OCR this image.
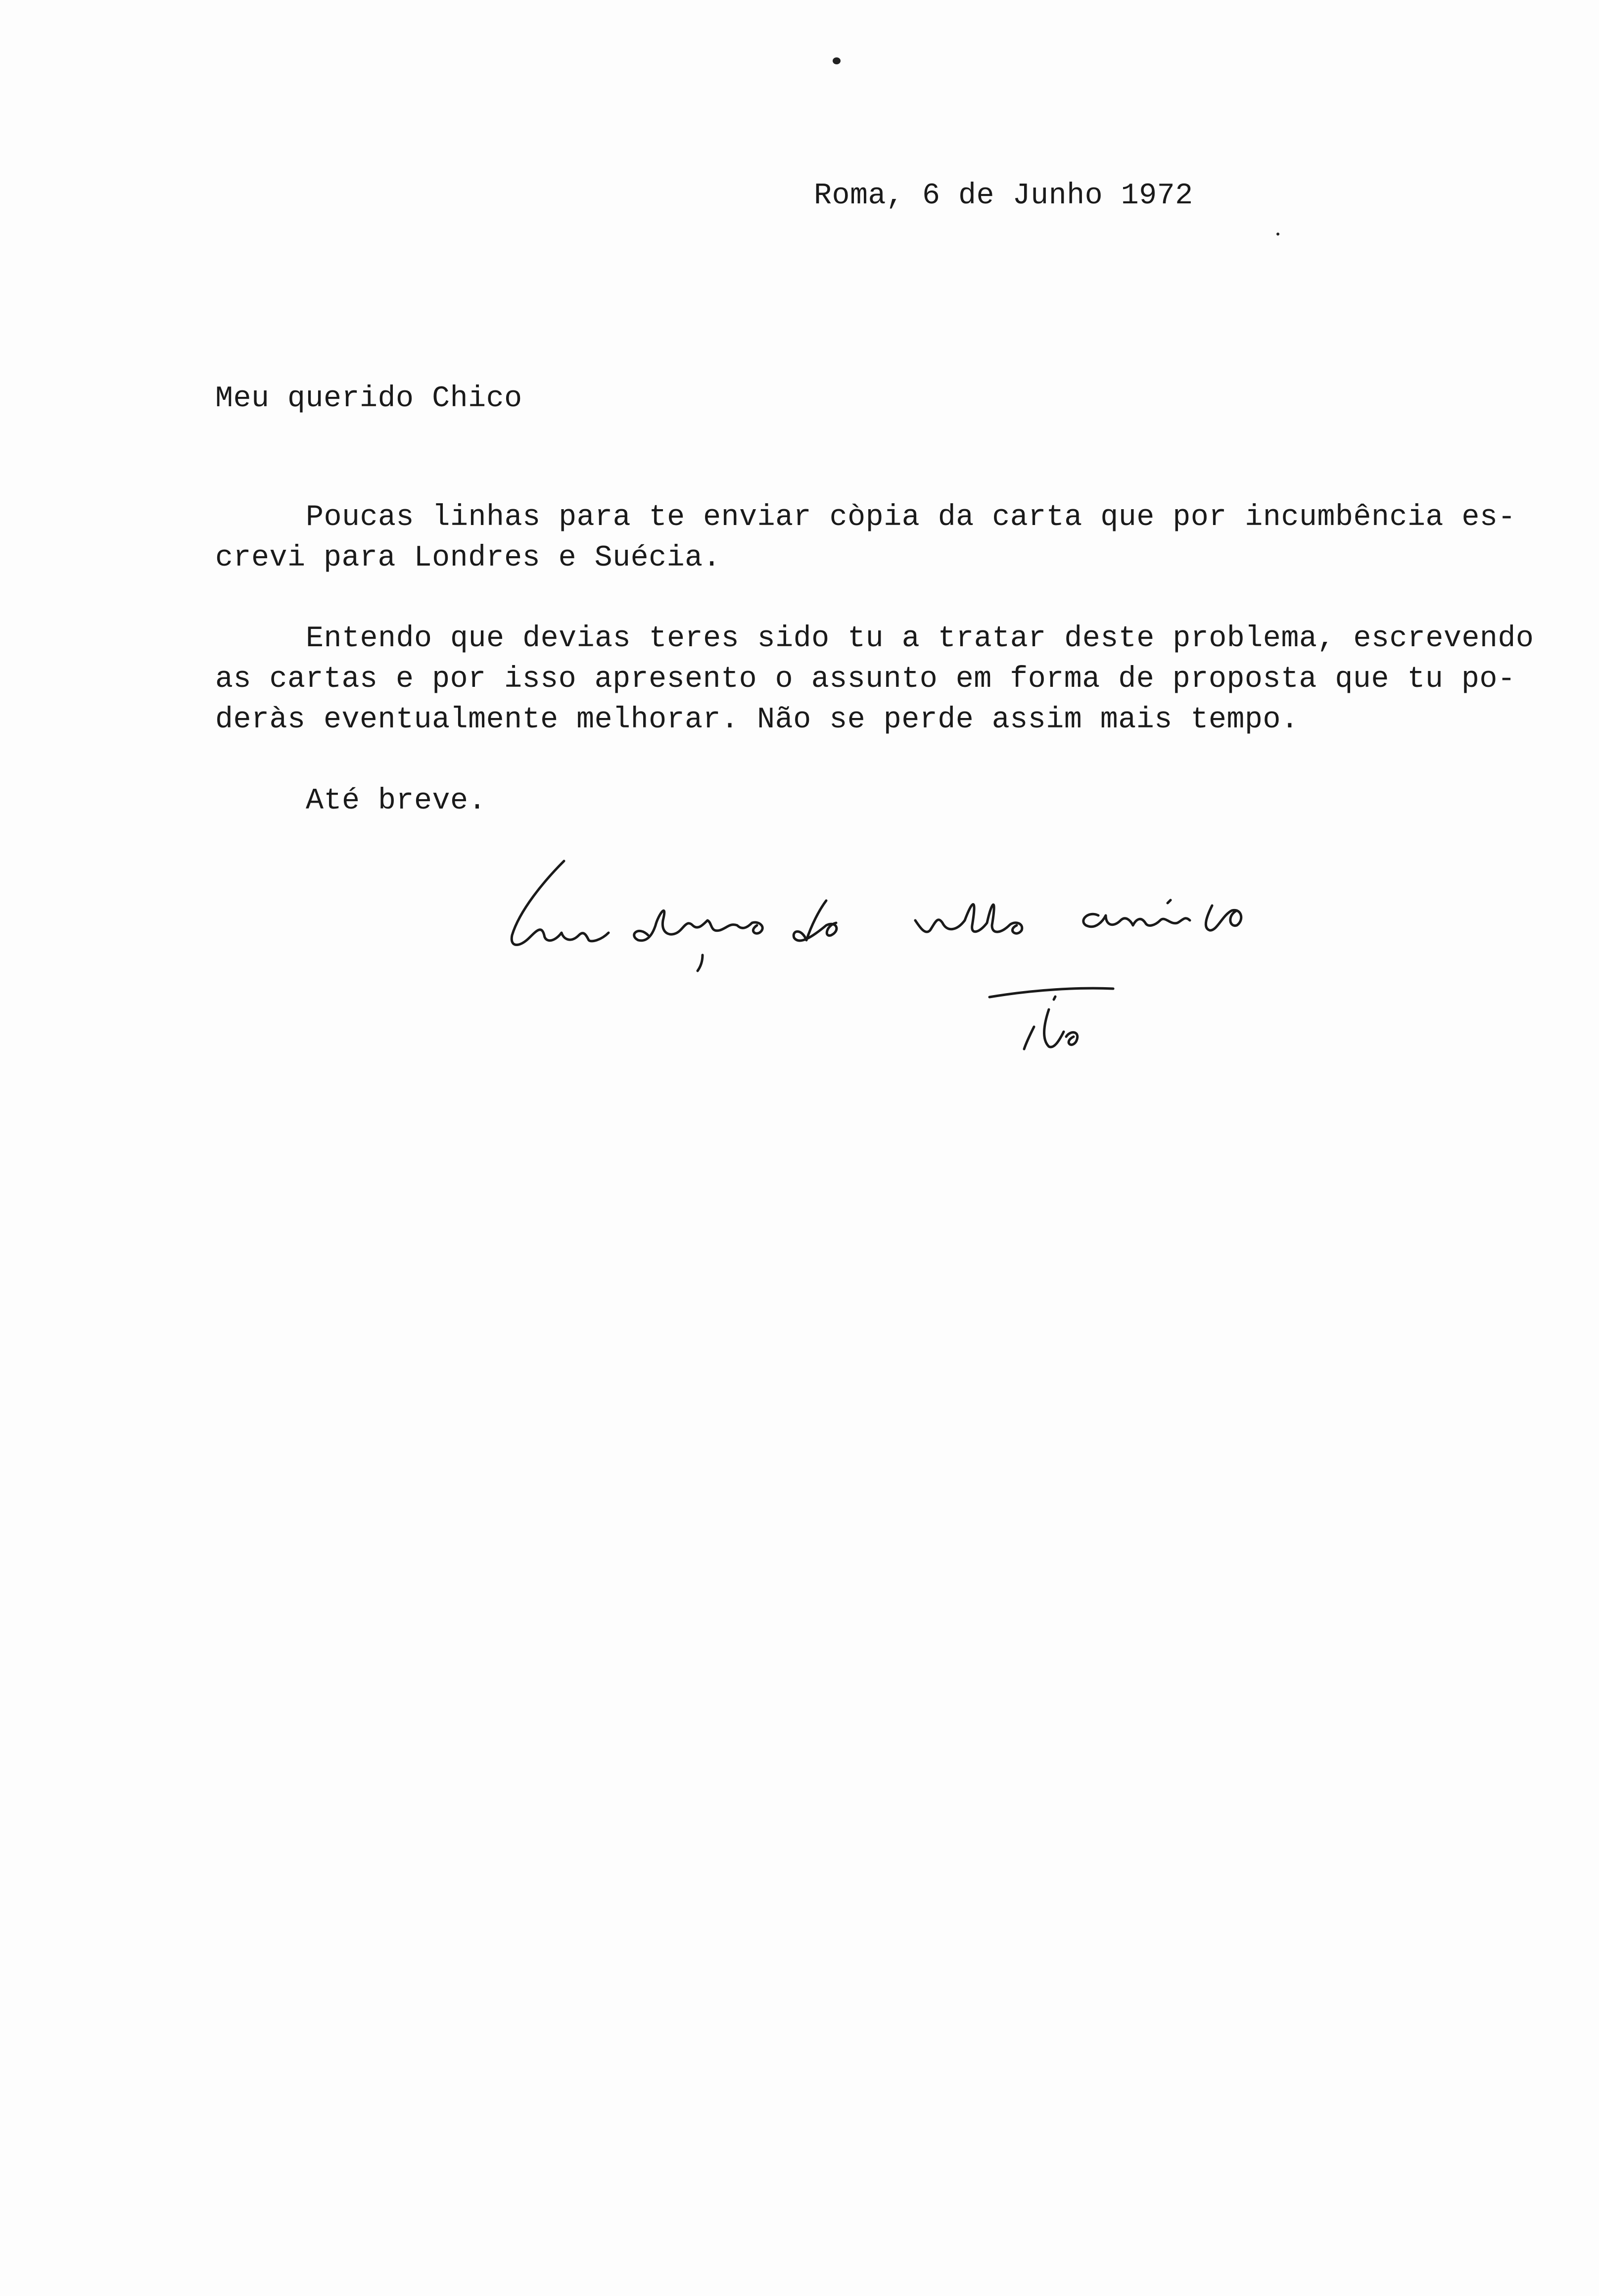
Roma, 6 de Junho 1972
Meu querido Chico
Poucas linhas para te enviar còpia da carta que por incumbência es-
crevi para Londres e Suécia.
Entendo que devias teres sido tu a tratar deste problema, escrevendo
as cartas e por isso apresento o assunto em forma de proposta que tu po-
deràs eventualmente melhorar. Não se perde assim mais tempo.
Até breve.
